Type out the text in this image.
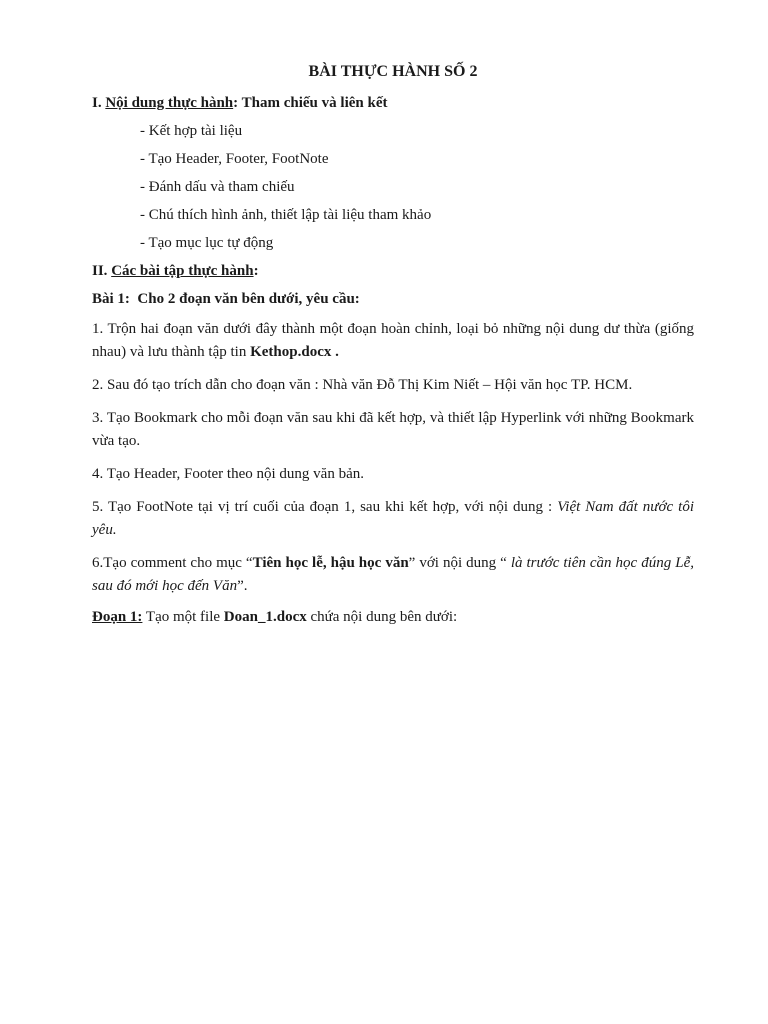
BÀI THỰC HÀNH SỐ 2
I. Nội dung thực hành: Tham chiếu và liên kết
- Kết hợp tài liệu
- Tạo Header, Footer, FootNote
- Đánh dấu và tham chiếu
- Chú thích hình ảnh, thiết lập tài liệu tham khảo
- Tạo mục lục tự động
II. Các bài tập thực hành:
Bài 1:  Cho 2 đoạn văn bên dưới, yêu cầu:
1. Trộn hai đoạn văn dưới đây thành một đoạn hoàn chỉnh, loại bỏ những nội dung dư thừa (giống nhau) và lưu thành tập tin Kethop.docx .
2. Sau đó tạo trích dẫn cho đoạn văn : Nhà văn Đỗ Thị Kim Niết – Hội văn học TP. HCM.
3. Tạo Bookmark cho mỗi đoạn văn sau khi đã kết hợp, và thiết lập Hyperlink với những Bookmark vừa tạo.
4. Tạo Header, Footer theo nội dung văn bản.
5. Tạo FootNote tại vị trí cuối của đoạn 1, sau khi kết hợp, với nội dung : Việt Nam đất nước tôi yêu.
6.Tạo comment cho mục “Tiên học lễ, hậu học văn” với nội dung “ là trước tiên cần học đúng Lễ, sau đó mới học đến Văn”.
Đoạn 1: Tạo một file Doan_1.docx chứa nội dung bên dưới:
